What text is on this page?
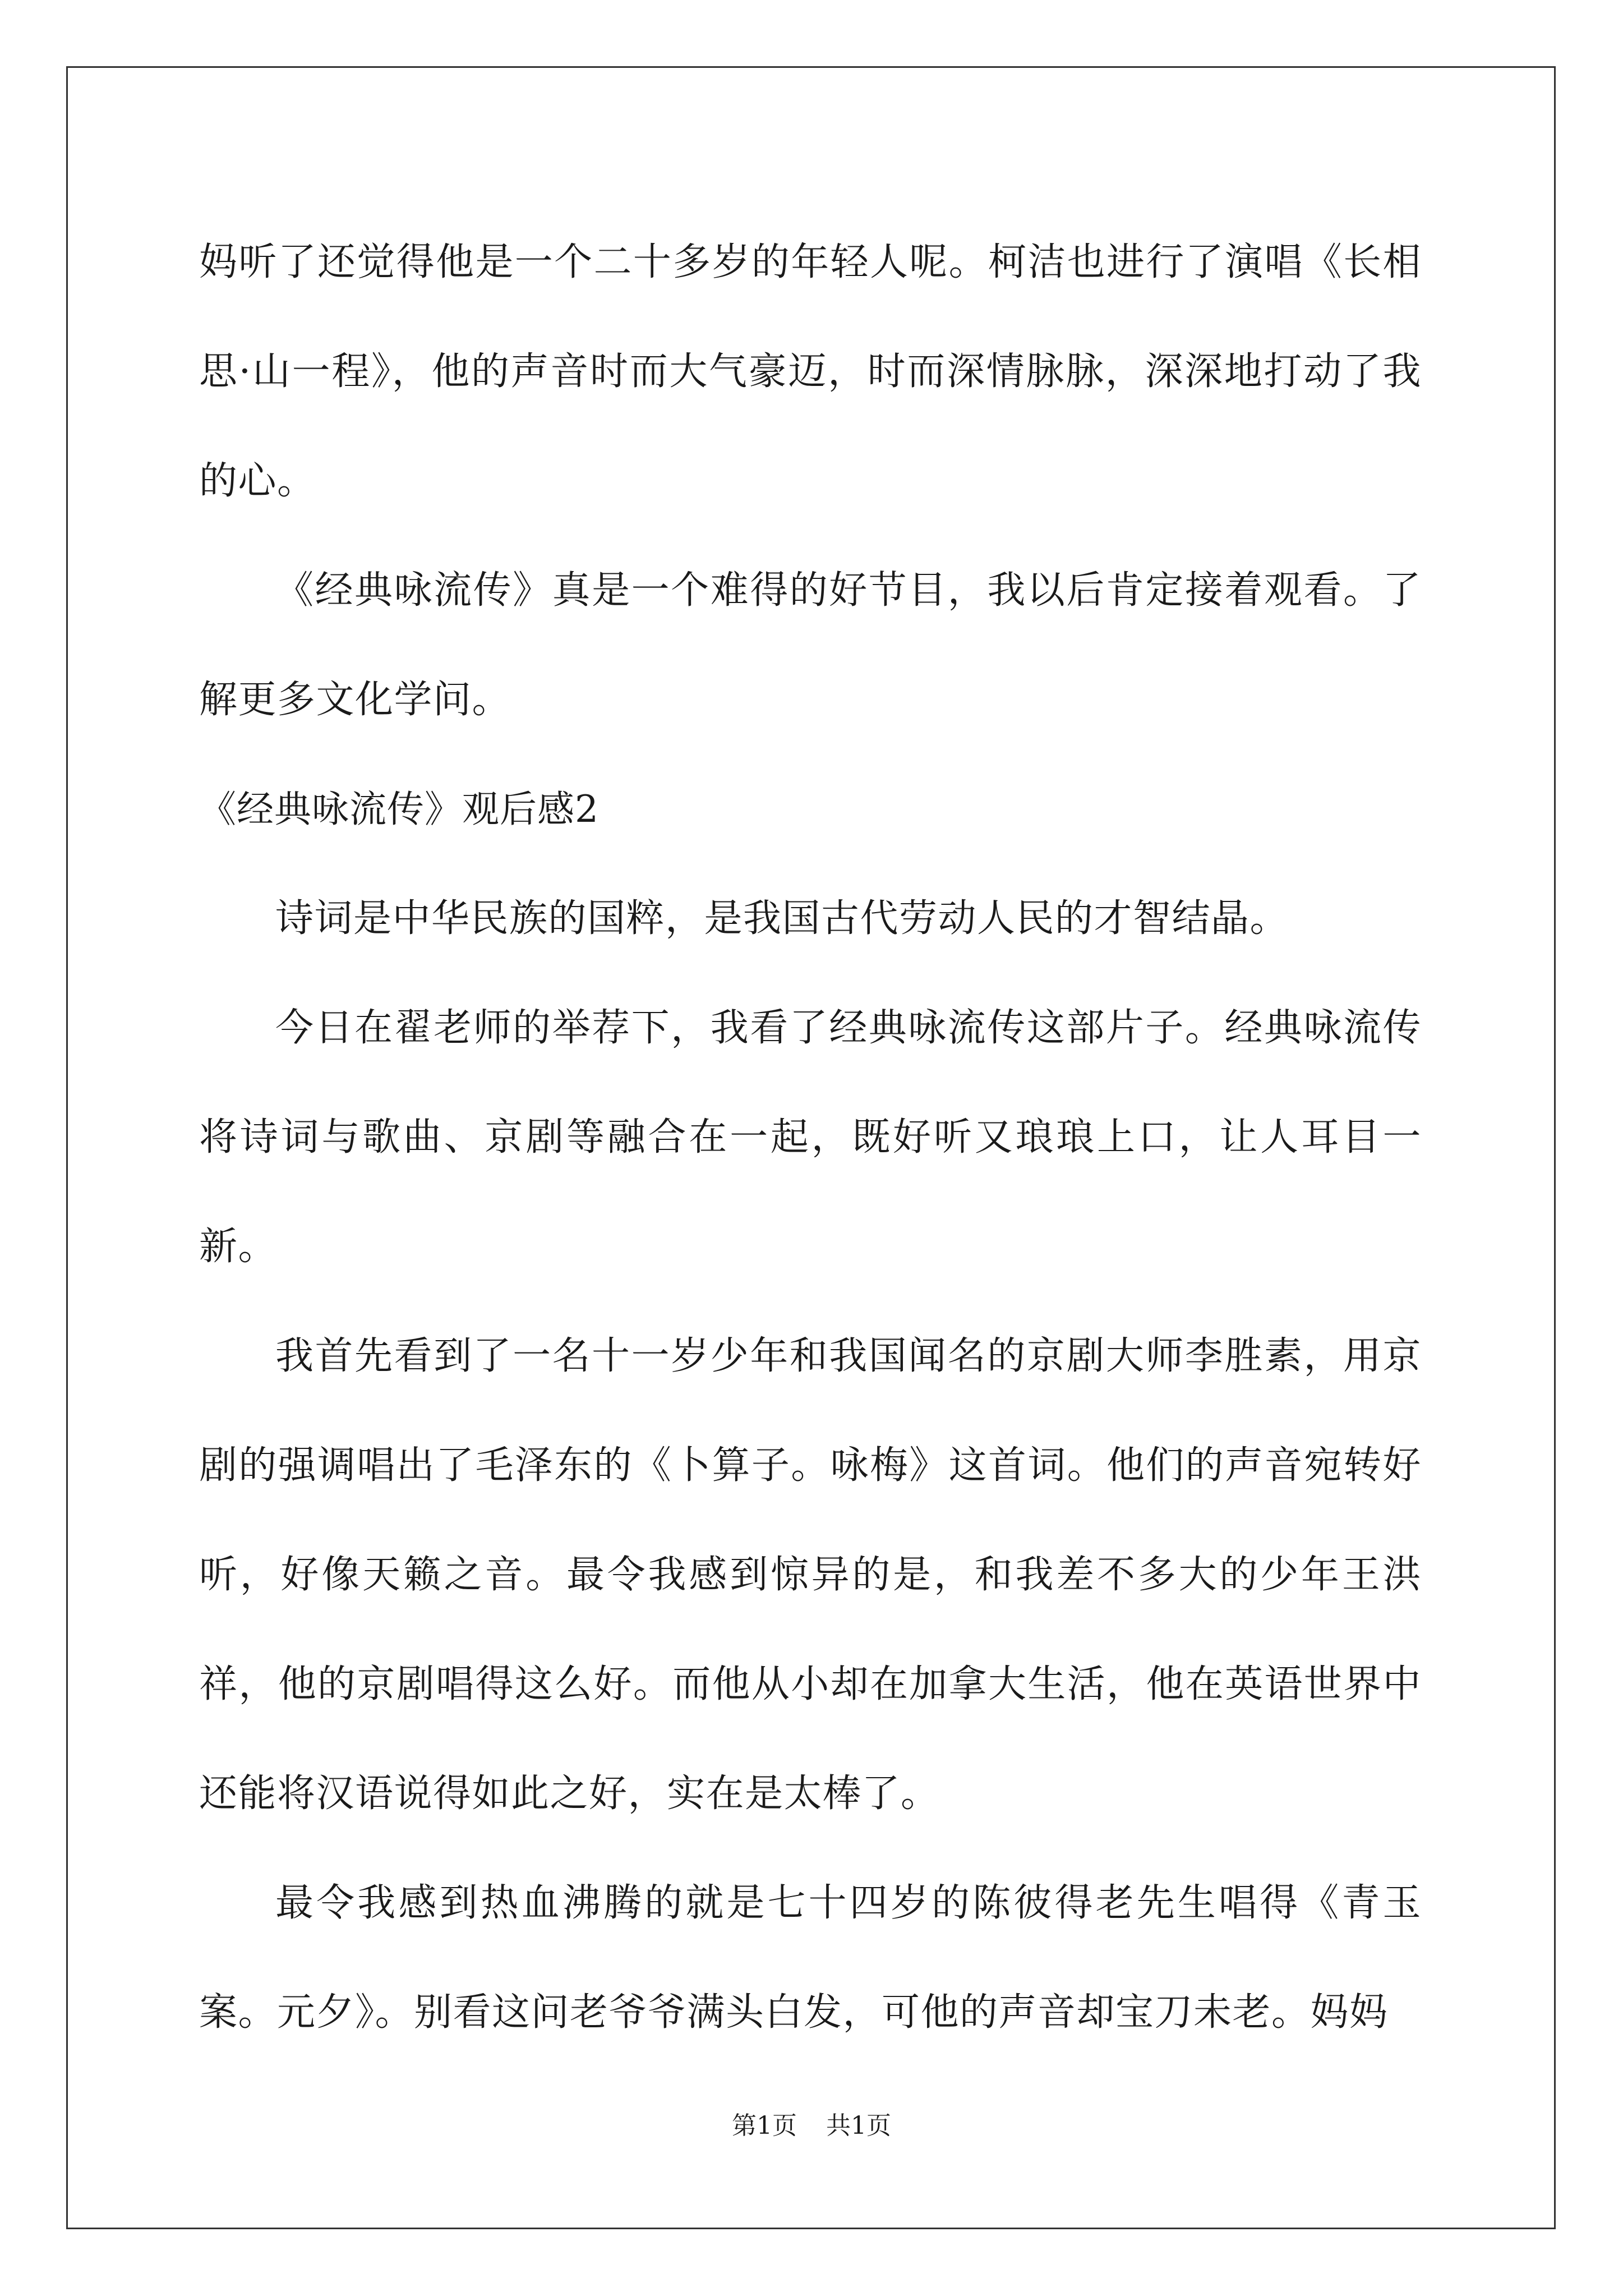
妈听了还觉得他是一个二十多岁的年轻人呢。柯洁也进行了演唱《长相思·山一程》，他的声音时而大气豪迈，时而深情脉脉，深深地打动了我的心。

《经典咏流传》真是一个难得的好节目，我以后肯定接着观看。了解更多文化学问。

《经典咏流传》观后感2

诗词是中华民族的国粹，是我国古代劳动人民的才智结晶。

今日在翟老师的举荐下，我看了经典咏流传这部片子。经典咏流传将诗词与歌曲、京剧等融合在一起，既好听又琅琅上口，让人耳目一新。

我首先看到了一名十一岁少年和我国闻名的京剧大师李胜素，用京剧的强调唱出了毛泽东的《卜算子。咏梅》这首词。他们的声音宛转好听，好像天籁之音。最令我感到惊异的是，和我差不多大的少年王洪祥，他的京剧唱得这么好。而他从小却在加拿大生活，他在英语世界中还能将汉语说得如此之好，实在是太棒了。

最令我感到热血沸腾的就是七十四岁的陈彼得老先生唱得《青玉案。元夕》。别看这问老爷爷满头白发，可他的声音却宝刀未老。妈妈

第1页 共1页
